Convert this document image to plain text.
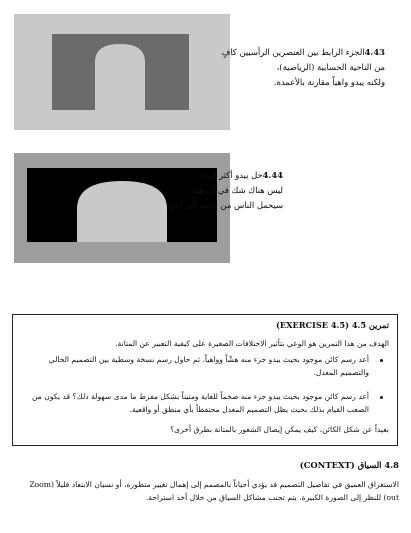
4.43الجزء الرابط بين العنصرين الرأسيين كافٍ
من الناحية الحسابية (الرياضية)،
ولكنه يبدو واهياً مقارنة بالأعمدة.
4.44حل يبدو أكثر قوة.
ليس هناك شك في أن هذا
سيحمل الناس من جانب إلى آخر.
تمرين 4.5 (EXERCISE 4.5)
الهدف من هذا التمرين هو الوعي بتأثير الاختلافات الصغيرة على كيفية التعبير عن المتانة.
أعد رسم كائن موجود بحيث يبدو جزء منه هشّاً وواهياً. ثم حاول رسم نسخة وسطية بين التصميم الحالي والتصميم المعدل.
أعد رسم كائن موجود بحيث يبدو جزء منه ضخماً للغاية ومتيناً بشكل مفرط ما مدى سهولة ذلك؟ قد يكون من الصعب القيام بذلك بحيث يظل التصميم المعدل محتفظاً بأي منطق أو واقعية.
بعيداً عن شكل الكائن، كيف يمكن إيصال الشعور بالمتانة بطرق أخرى؟
4.8 السياق (CONTEXT)
الاستغراق العميق في تفاصيل التصميم قد يؤدي أحياناً بالمصمم إلى إهمال تغيير منظوره، أو نسيان الابتعاد قليلاً (Zoom out) للنظر إلى الصورة الكبيرة. يتم تجنب مشاكل السياق من خلال أخذ استراحة.
